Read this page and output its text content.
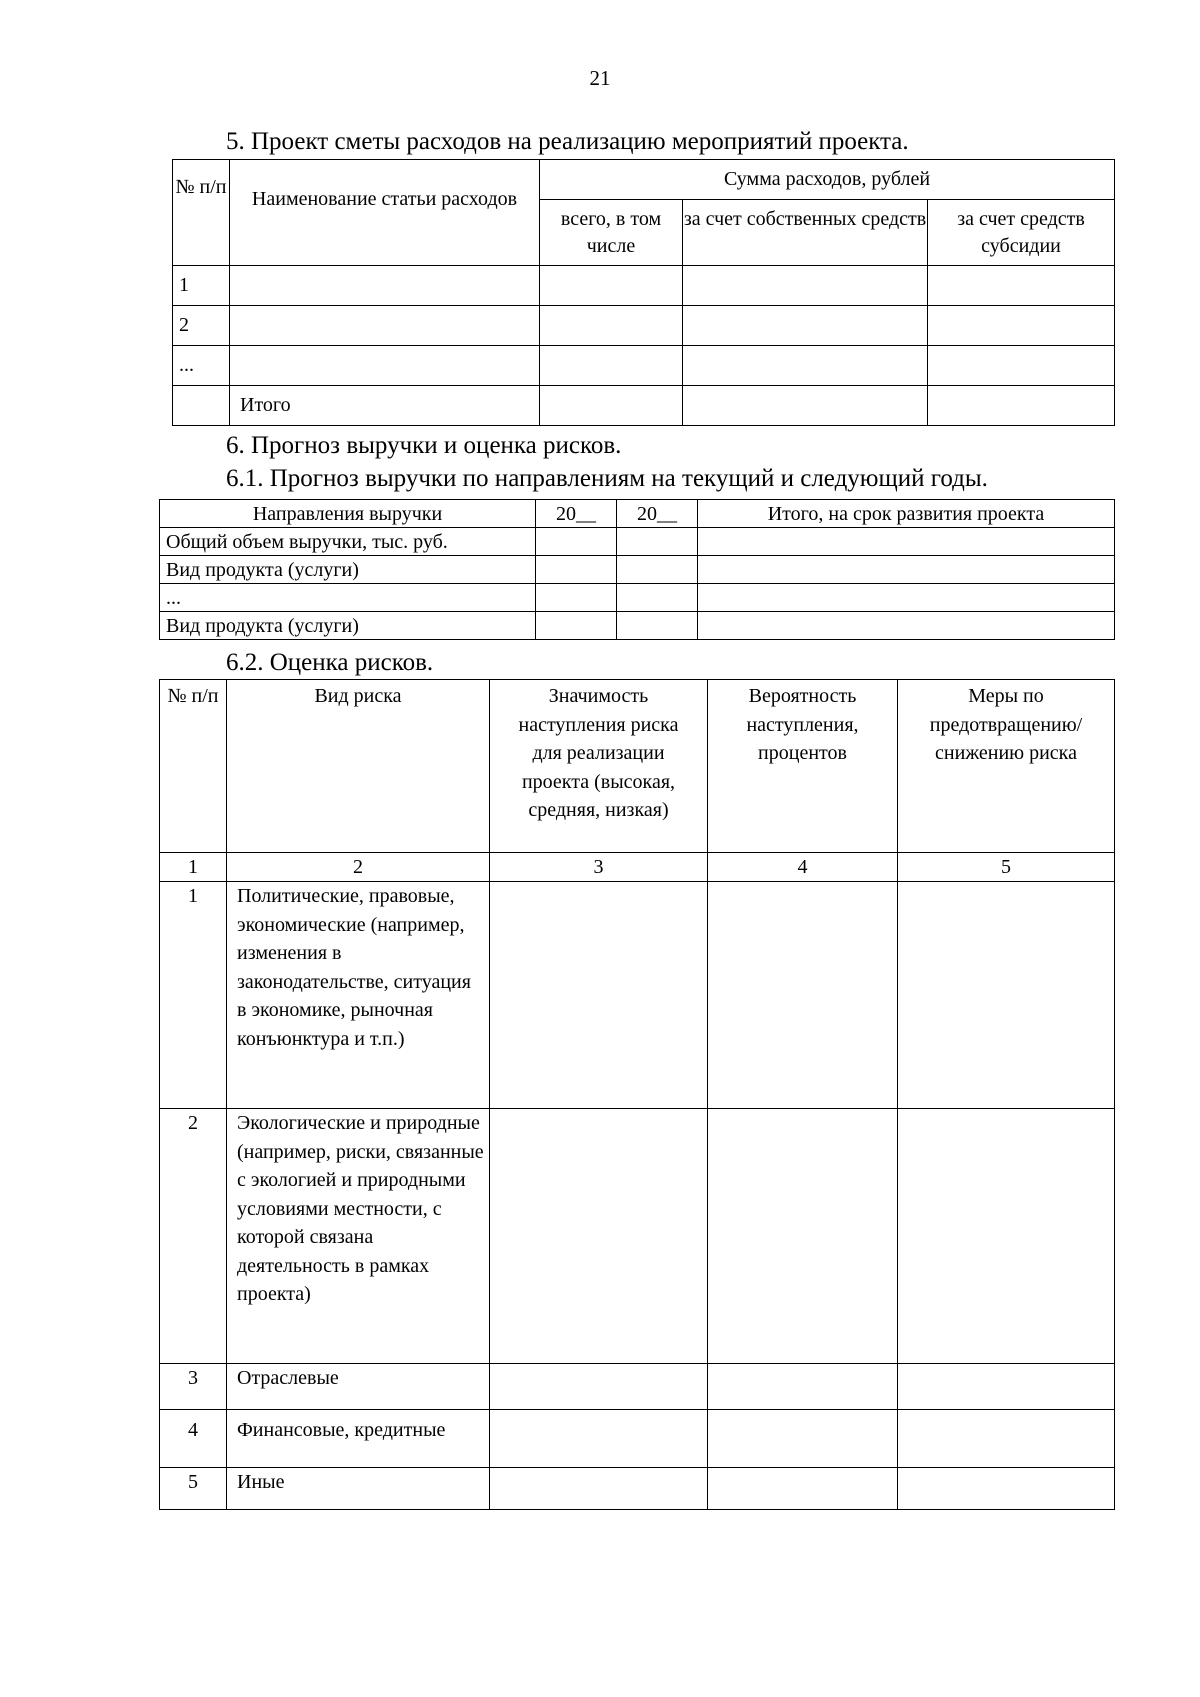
21
5. Проект сметы расходов на реализацию мероприятий проекта.
№ п/п	Наименование статьи расходов	Сумма расходов, рублей		
		всего, в том числе	за счет собственных средств	за счет средств субсидии
1				
2				
...				
	Итого			
6. Прогноз выручки и оценка рисков.
6.1. Прогноз выручки по направлениям на текущий и следующий годы.
Направления выручки	20__	20__	Итого, на срок развития проекта
Общий объем выручки, тыс. руб.			
Вид продукта (услуги)			
...			
Вид продукта (услуги)			
6.2. Оценка рисков.
№ п/п	Вид риска	Значимость наступления риска для реализации проекта (высокая, средняя, низкая)	Вероятность наступления, процентов	Меры по предотвращению/ снижению риска
1	2	3	4	5
1	Политические, правовые, экономические (например, изменения в законодательстве, ситуация в экономике, рыночная конъюнктура и т.п.)			
2	Экологические и природные (например, риски, связанные с экологией и природными условиями местности, с которой связана деятельность в рамках проекта)			
3	Отраслевые			
4	Финансовые, кредитные			
5	Иные			
